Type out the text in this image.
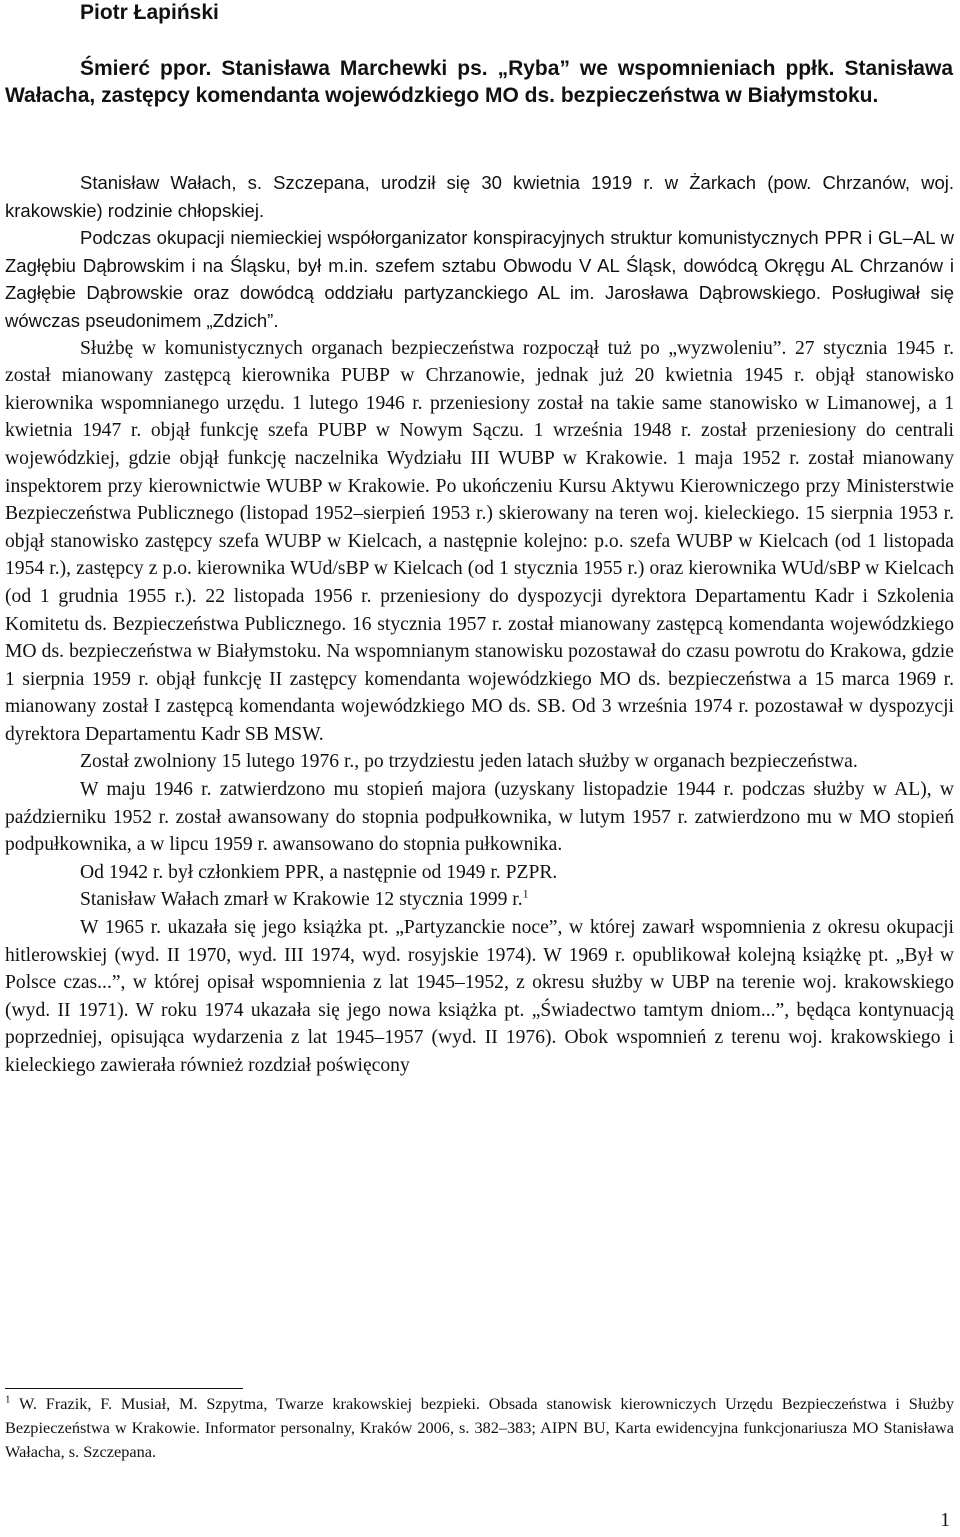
Piotr Łapiński
Śmierć ppor. Stanisława Marchewki ps. „Ryba” we wspomnieniach ppłk. Stanisława Wałacha, zastępcy komendanta wojewódzkiego MO ds. bezpieczeństwa w Białymstoku.

Stanisław Wałach, s. Szczepana, urodził się 30 kwietnia 1919 r. w Żarkach (pow. Chrzanów, woj. krakowskie) rodzinie chłopskiej.

Podczas okupacji niemieckiej współorganizator konspiracyjnych struktur komunistycznych PPR i GL–AL w Zagłębiu Dąbrowskim i na Śląsku, był m.in. szefem sztabu Obwodu V AL Śląsk, dowódcą Okręgu AL Chrzanów i Zagłębie Dąbrowskie oraz dowódcą oddziału partyzanckiego AL im. Jarosława Dąbrowskiego. Posługiwał się wówczas pseudonimem „Zdzich”.

Służbę w komunistycznych organach bezpieczeństwa rozpoczął tuż po „wyzwoleniu”. 27 stycznia 1945 r. został mianowany zastępcą kierownika PUBP w Chrzanowie, jednak już 20 kwietnia 1945 r. objął stanowisko kierownika wspomnianego urzędu. 1 lutego 1946 r. przeniesiony został na takie same stanowisko w Limanowej, a 1 kwietnia 1947 r. objął funkcję szefa PUBP w Nowym Sączu. 1 września 1948 r. został przeniesiony do centrali wojewódzkiej, gdzie objął funkcję naczelnika Wydziału III WUBP w Krakowie. 1 maja 1952 r. został mianowany inspektorem przy kierownictwie WUBP w Krakowie. Po ukończeniu Kursu Aktywu Kierowniczego przy Ministerstwie Bezpieczeństwa Publicznego (listopad 1952–sierpień 1953 r.) skierowany na teren woj. kieleckiego. 15 sierpnia 1953 r. objął stanowisko zastępcy szefa WUBP w Kielcach, a następnie kolejno: p.o. szefa WUBP w Kielcach (od 1 listopada 1954 r.), zastępcy z p.o. kierownika WUd/sBP w Kielcach (od 1 stycznia 1955 r.) oraz kierownika WUd/sBP w Kielcach (od 1 grudnia 1955 r.). 22 listopada 1956 r. przeniesiony do dyspozycji dyrektora Departamentu Kadr i Szkolenia Komitetu ds. Bezpieczeństwa Publicznego. 16 stycznia 1957 r. został mianowany zastępcą komendanta wojewódzkiego MO ds. bezpieczeństwa w Białymstoku. Na wspomnianym stanowisku pozostawał do czasu powrotu do Krakowa, gdzie 1 sierpnia 1959 r. objął funkcję II zastępcy komendanta wojewódzkiego MO ds. bezpieczeństwa a 15 marca 1969 r. mianowany został I zastępcą komendanta wojewódzkiego MO ds. SB. Od 3 września 1974 r. pozostawał w dyspozycji dyrektora Departamentu Kadr SB MSW.

Został zwolniony 15 lutego 1976 r., po trzydziestu jeden latach służby w organach bezpieczeństwa.

W maju 1946 r. zatwierdzono mu stopień majora (uzyskany listopadzie 1944 r. podczas służby w AL), w październiku 1952 r. został awansowany do stopnia podpułkownika, w lutym 1957 r. zatwierdzono mu w MO stopień podpułkownika, a w lipcu 1959 r. awansowano do stopnia pułkownika.

Od 1942 r. był członkiem PPR, a następnie od 1949 r. PZPR.

Stanisław Wałach zmarł w Krakowie 12 stycznia 1999 r.$^1$

W 1965 r. ukazała się jego książka pt. „Partyzanckie noce”, w której zawarł wspomnienia z okresu okupacji hitlerowskiej (wyd. II 1970, wyd. III 1974, wyd. rosyjskie 1974). W 1969 r. opublikował kolejną książkę pt. „Był w Polsce czas...”, w której opisał wspomnienia z lat 1945–1952, z okresu służby w UBP na terenie woj. krakowskiego (wyd. II 1971). W roku 1974 ukazała się jego nowa książka pt. „Świadectwo tamtym dniom...”, będąca kontynuacją poprzedniej, opisująca wydarzenia z lat 1945–1957 (wyd. II 1976). Obok wspomnień z terenu woj. krakowskiego i kieleckiego zawierała również rozdział poświęcony

$^1$ W. Frazik, F. Musiał, M. Szpytma, Twarze krakowskiej bezpieki. Obsada stanowisk kierowniczych Urzędu Bezpieczeństwa i Służby Bezpieczeństwa w Krakowie. Informator personalny, Kraków 2006, s. 382–383; AIPN BU, Karta ewidencyjna funkcjonariusza MO Stanisława Wałacha, s. Szczepana.
1
